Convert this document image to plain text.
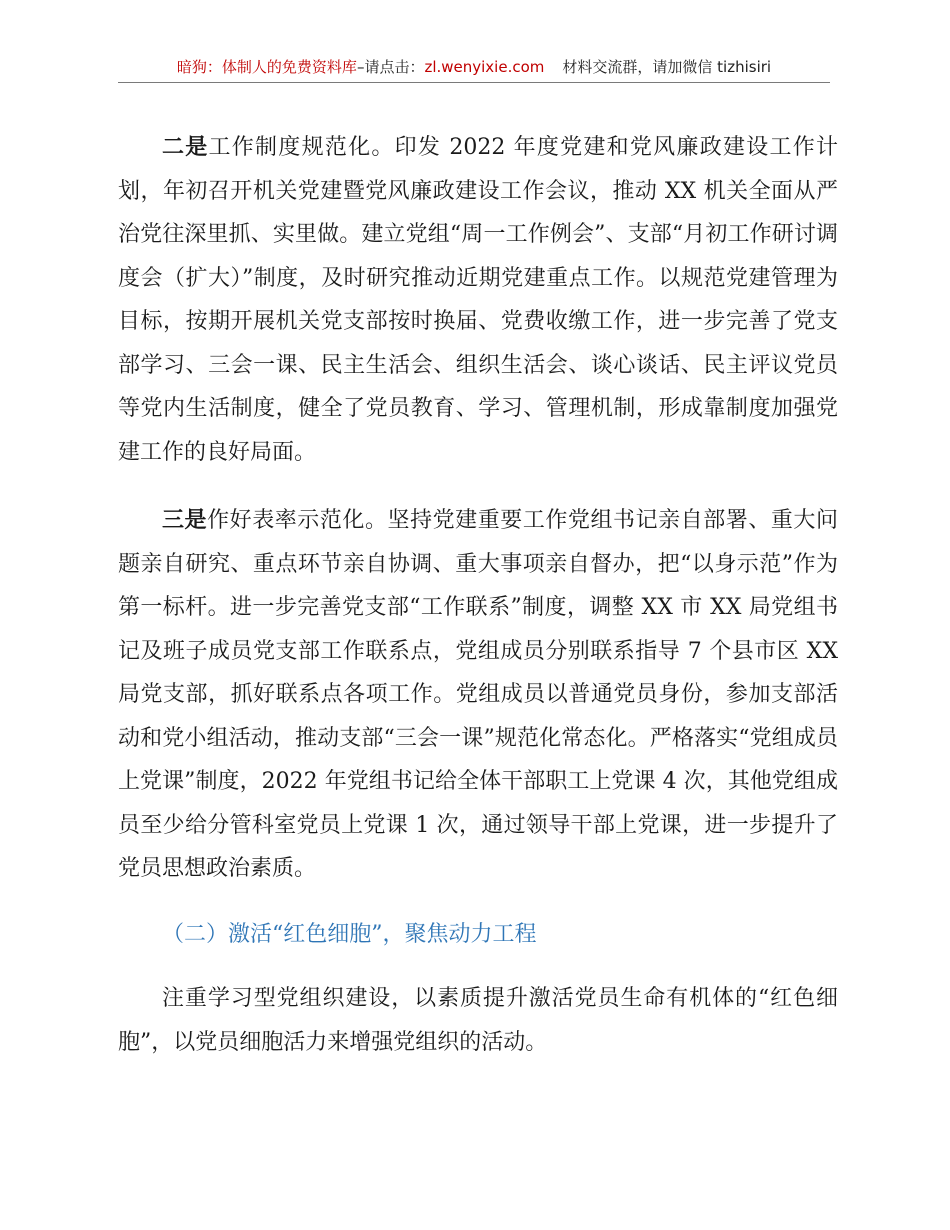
暗狗：体制人的免费资料库–请点击：zl.wenyixie.com 材料交流群，请加微信 tizhisiri

二是工作制度规范化。印发 2022 年度党建和党风廉政建设工作计划，年初召开机关党建暨党风廉政建设工作会议，推动 XX 机关全面从严治党往深里抓、实里做。建立党组“周一工作例会”、支部“月初工作研讨调度会（扩大）”制度，及时研究推动近期党建重点工作。以规范党建管理为目标，按期开展机关党支部按时换届、党费收缴工作，进一步完善了党支部学习、三会一课、民主生活会、组织生活会、谈心谈话、民主评议党员等党内生活制度，健全了党员教育、学习、管理机制，形成靠制度加强党建工作的良好局面。

三是作好表率示范化。坚持党建重要工作党组书记亲自部署、重大问题亲自研究、重点环节亲自协调、重大事项亲自督办，把“以身示范”作为第一标杆。进一步完善党支部“工作联系”制度，调整 XX 市 XX 局党组书记及班子成员党支部工作联系点，党组成员分别联系指导 7 个县市区 XX 局党支部，抓好联系点各项工作。党组成员以普通党员身份，参加支部活动和党小组活动，推动支部“三会一课”规范化常态化。严格落实“党组成员上党课”制度，2022 年党组书记给全体干部职工上党课 4 次，其他党组成员至少给分管科室党员上党课 1 次，通过领导干部上党课，进一步提升了党员思想政治素质。

（二）激活“红色细胞”，聚焦动力工程

注重学习型党组织建设，以素质提升激活党员生命有机体的“红色细胞”，以党员细胞活力来增强党组织的活动。
